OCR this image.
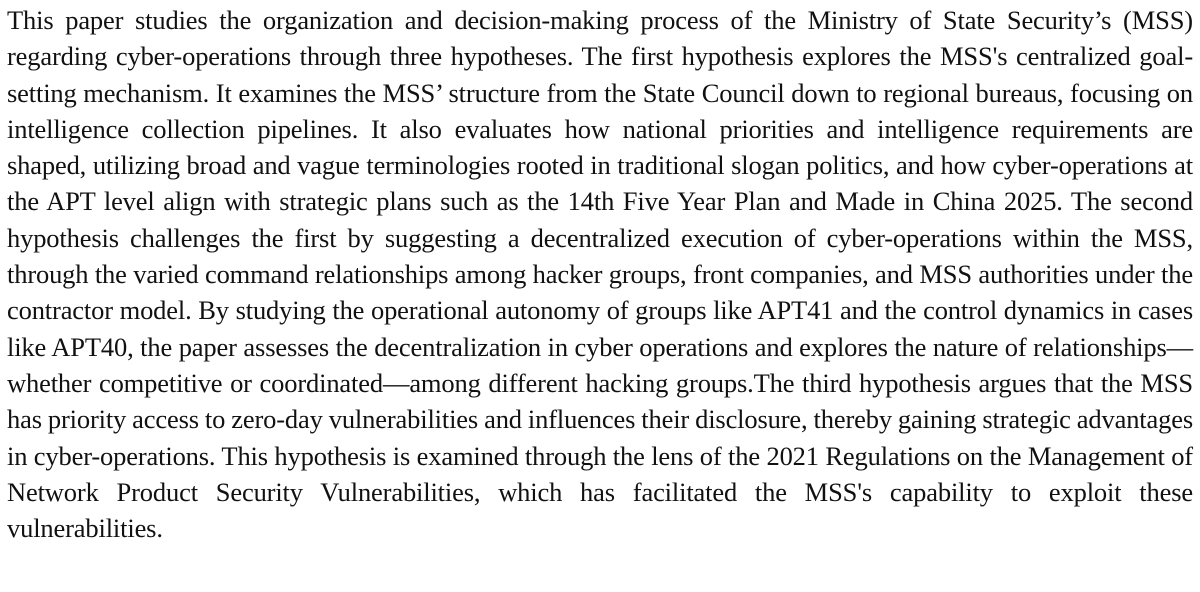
This paper studies the organization and decision-making process of the Ministry of State Security’s (MSS) regarding cyber-operations through three hypotheses. The first hypothesis explores the MSS's centralized goal-setting mechanism. It examines the MSS’ structure from the State Council down to regional bureaus, focusing on intelligence collection pipelines. It also evaluates how national priorities and intelligence requirements are shaped, utilizing broad and vague terminologies rooted in traditional slogan politics, and how cyber-operations at the APT level align with strategic plans such as the 14th Five Year Plan and Made in China 2025. The second hypothesis challenges the first by suggesting a decentralized execution of cyber-operations within the MSS, through the varied command relationships among hacker groups, front companies, and MSS authorities under the contractor model. By studying the operational autonomy of groups like APT41 and the control dynamics in cases like APT40, the paper assesses the decentralization in cyber operations and explores the nature of relationships—whether competitive or coordinated—among different hacking groups.The third hypothesis argues that the MSS has priority access to zero-day vulnerabilities and influences their disclosure, thereby gaining strategic advantages in cyber-operations. This hypothesis is examined through the lens of the 2021 Regulations on the Management of Network Product Security Vulnerabilities, which has facilitated the MSS's capability to exploit these vulnerabilities.
